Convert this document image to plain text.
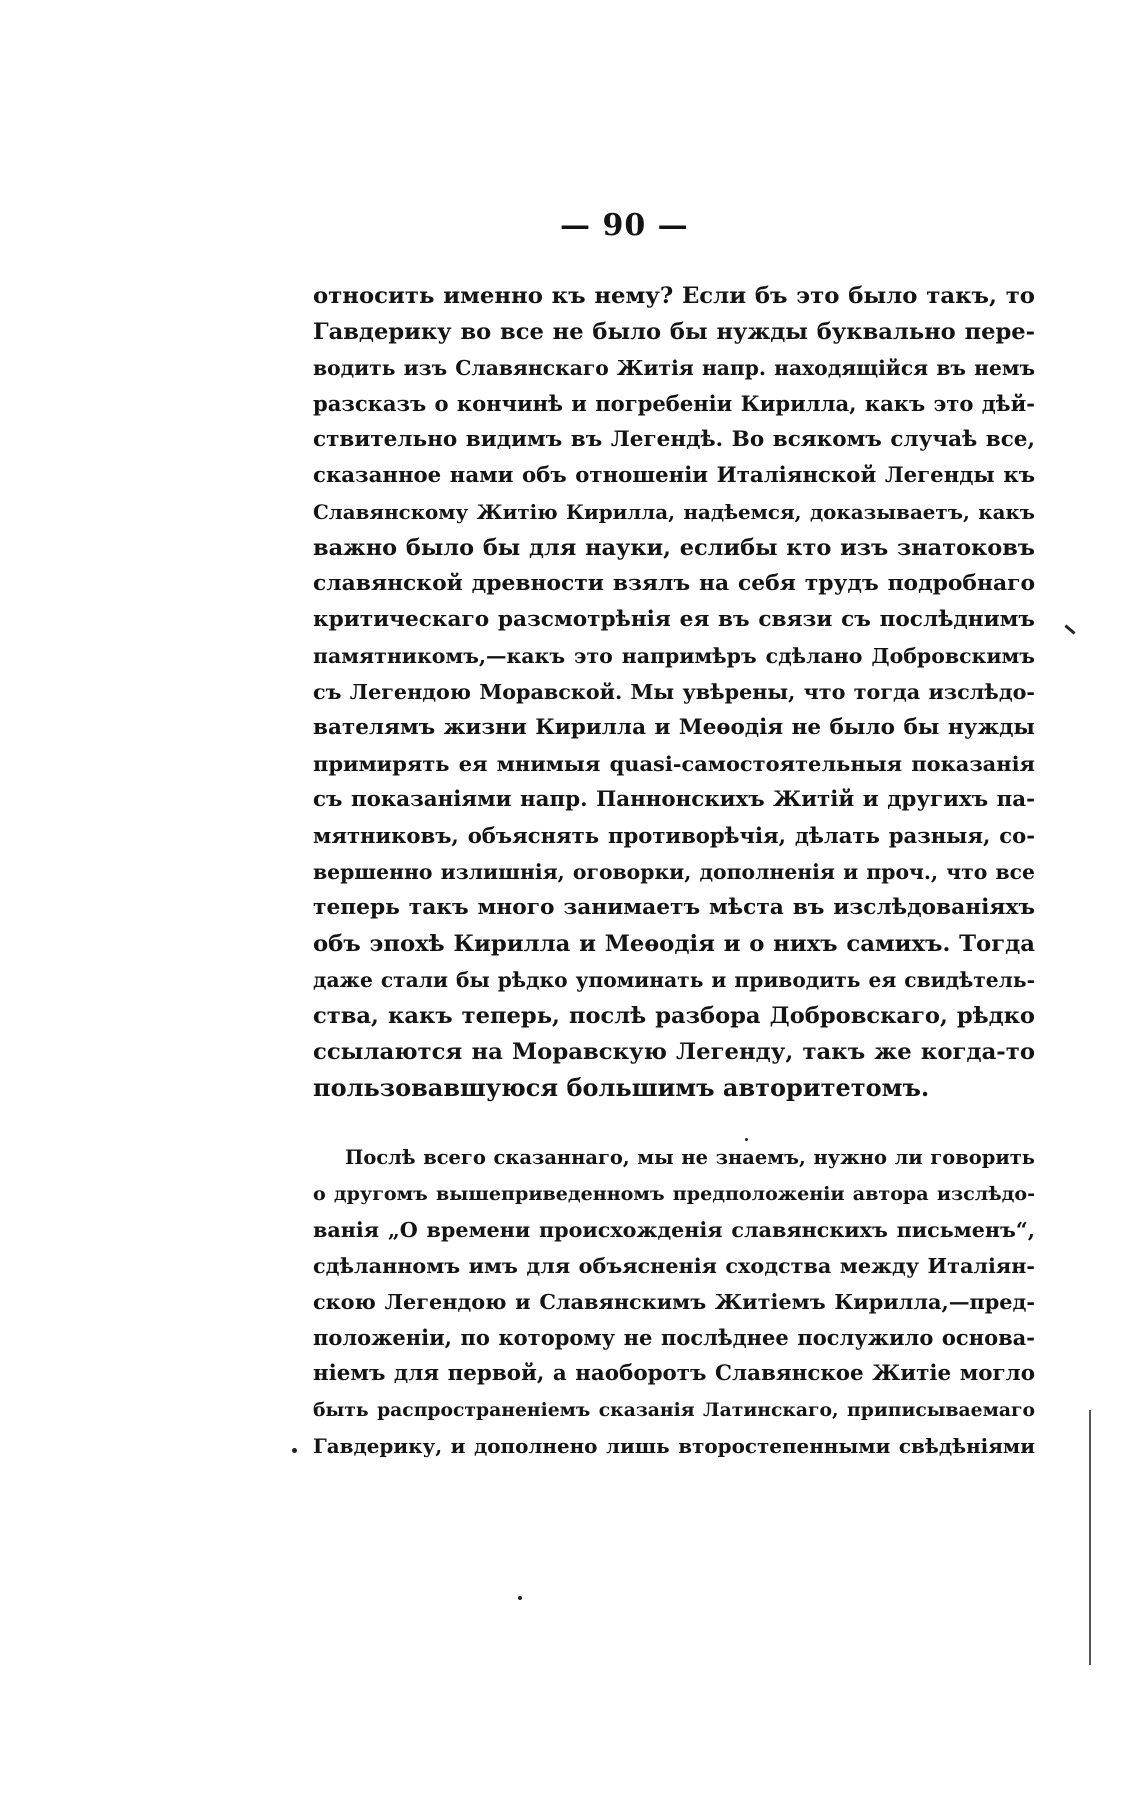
— 90 —
относить именно къ нему? Если бъ это было такъ, то
Гавдерику во все не было бы нужды буквально пере-
водить изъ Славянскаго Житія напр. находящійся въ немъ
разсказъ о кончинѣ и погребеніи Кирилла, какъ это дѣй-
ствительно видимъ въ Легендѣ. Во всякомъ случаѣ все,
сказанное нами объ отношеніи Италіянской Легенды къ
Славянскому Житію Кирилла, надѣемся, доказываетъ, какъ
важно было бы для науки, еслибы кто изъ знатоковъ
славянской древности взялъ на себя трудъ подробнаго
критическаго разсмотрѣнія ея въ связи съ послѣднимъ
памятникомъ,—какъ это напримѣръ сдѣлано Добровскимъ
съ Легендою Моравской. Мы увѣрены, что тогда изслѣдо-
вателямъ жизни Кирилла и Меѳодія не было бы нужды
примирять ея мнимыя quasi-самостоятельныя показанія
съ показаніями напр. Паннонскихъ Житій и другихъ па-
мятниковъ, объяснять противорѣчія, дѣлать разныя, со-
вершенно излишнія, оговорки, дополненія и проч., что все
теперь такъ много занимаетъ мѣста въ изслѣдованіяхъ
объ эпохѣ Кирилла и Меѳодія и о нихъ самихъ. Тогда
даже стали бы рѣдко упоминать и приводить ея свидѣтель-
ства, какъ теперь, послѣ разбора Добровскаго, рѣдко
ссылаются на Моравскую Легенду, такъ же когда-то
пользовавшуюся большимъ авторитетомъ.
Послѣ всего сказаннаго, мы не знаемъ, нужно ли говорить
о другомъ вышеприведенномъ предположеніи автора изслѣдо-
ванія „О времени происхожденія славянскихъ письменъ“,
сдѣланномъ имъ для объясненія сходства между Италіян-
скою Легендою и Славянскимъ Житіемъ Кирилла,—пред-
положеніи, по которому не послѣднее послужило основа-
ніемъ для первой, а наоборотъ Славянское Житіе могло
быть распространеніемъ сказанія Латинскаго, приписываемаго
Гавдерику, и дополнено лишь второстепенными свѣдѣніями
